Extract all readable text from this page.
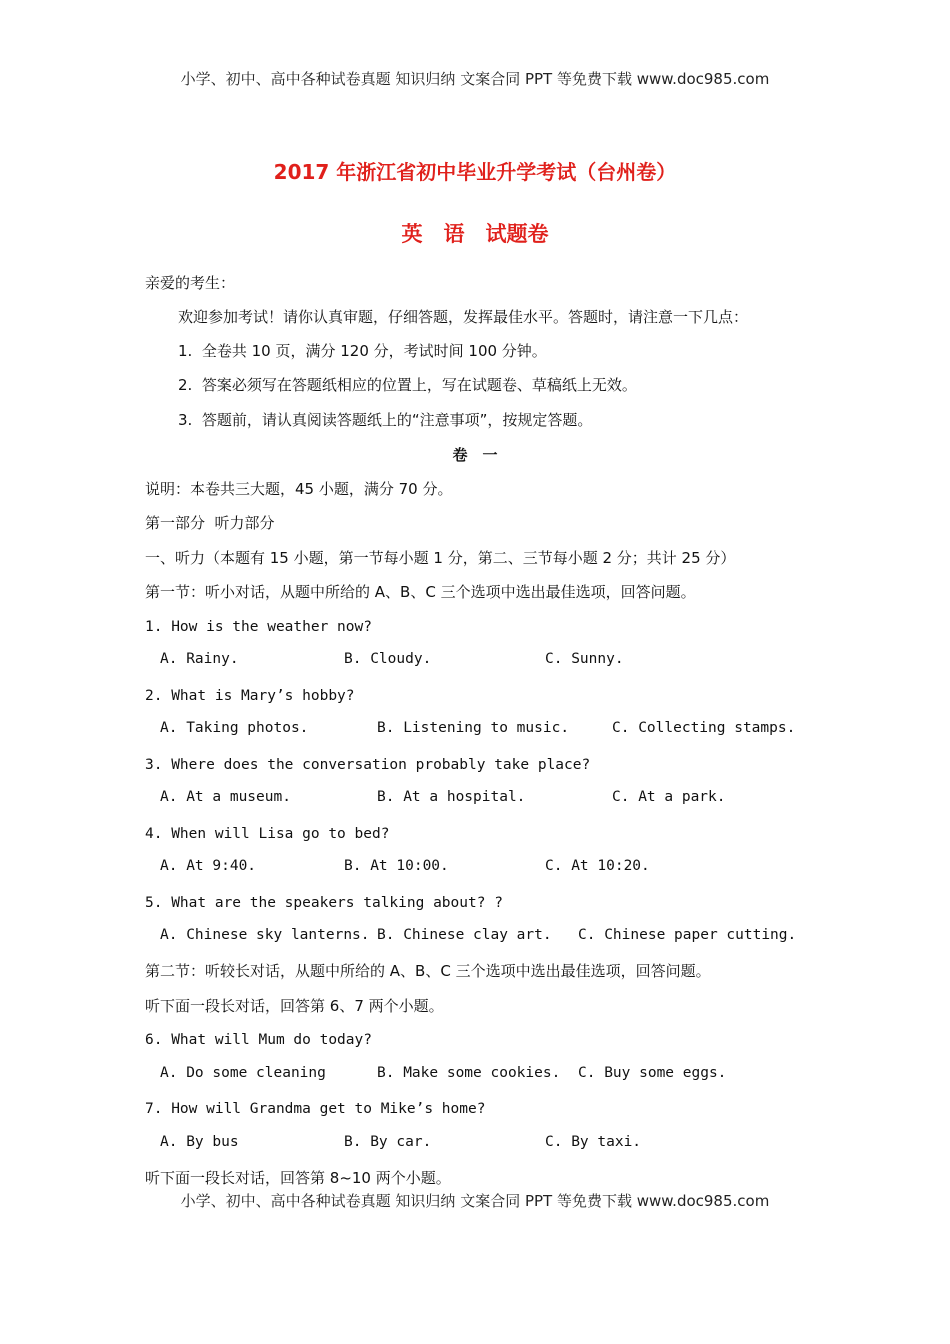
小学、初中、高中各种试卷真题 知识归纳 文案合同 PPT 等免费下载 www.doc985.com
2017 年浙江省初中毕业升学考试（台州卷）
英　语　试题卷
亲爱的考生：
欢迎参加考试！请你认真审题，仔细答题，发挥最佳水平。答题时，请注意一下几点：
1.  全卷共 10 页，满分 120 分，考试时间 100 分钟。
2.  答案必须写在答题纸相应的位置上，写在试题卷、草稿纸上无效。
3.  答题前，请认真阅读答题纸上的“注意事项”，按规定答题。
卷　一
说明：本卷共三大题，45 小题，满分 70 分。
第一部分  听力部分
一、听力（本题有 15 小题，第一节每小题 1 分，第二、三节每小题 2 分；共计 25 分）
第一节：听小对话，从题中所给的 A、B、C 三个选项中选出最佳选项，回答问题。
1. How is the weather now?
A. Rainy.	B. Cloudy.	C. Sunny.
2. What is Mary’s hobby?
A. Taking photos.	B. Listening to music.	C. Collecting stamps.
3. Where does the conversation probably take place?
A. At a museum.	B. At a hospital.	C. At a park.
4. When will Lisa go to bed?
A. At 9:40.	B. At 10:00.	C. At 10:20.
5. What are the speakers talking about? ?
A. Chinese sky lanterns. B. Chinese clay art. C. Chinese paper cutting.
第二节：听较长对话，从题中所给的 A、B、C 三个选项中选出最佳选项，回答问题。
听下面一段长对话，回答第 6、7 两个小题。
6. What will Mum do today?
A. Do some cleaning	B. Make some cookies. C. Buy some eggs.
7. How will Grandma get to Mike’s home?
A. By bus	B. By car.	C. By taxi.
听下面一段长对话，回答第 8~10 两个小题。
小学、初中、高中各种试卷真题 知识归纳 文案合同 PPT 等免费下载 www.doc985.com
